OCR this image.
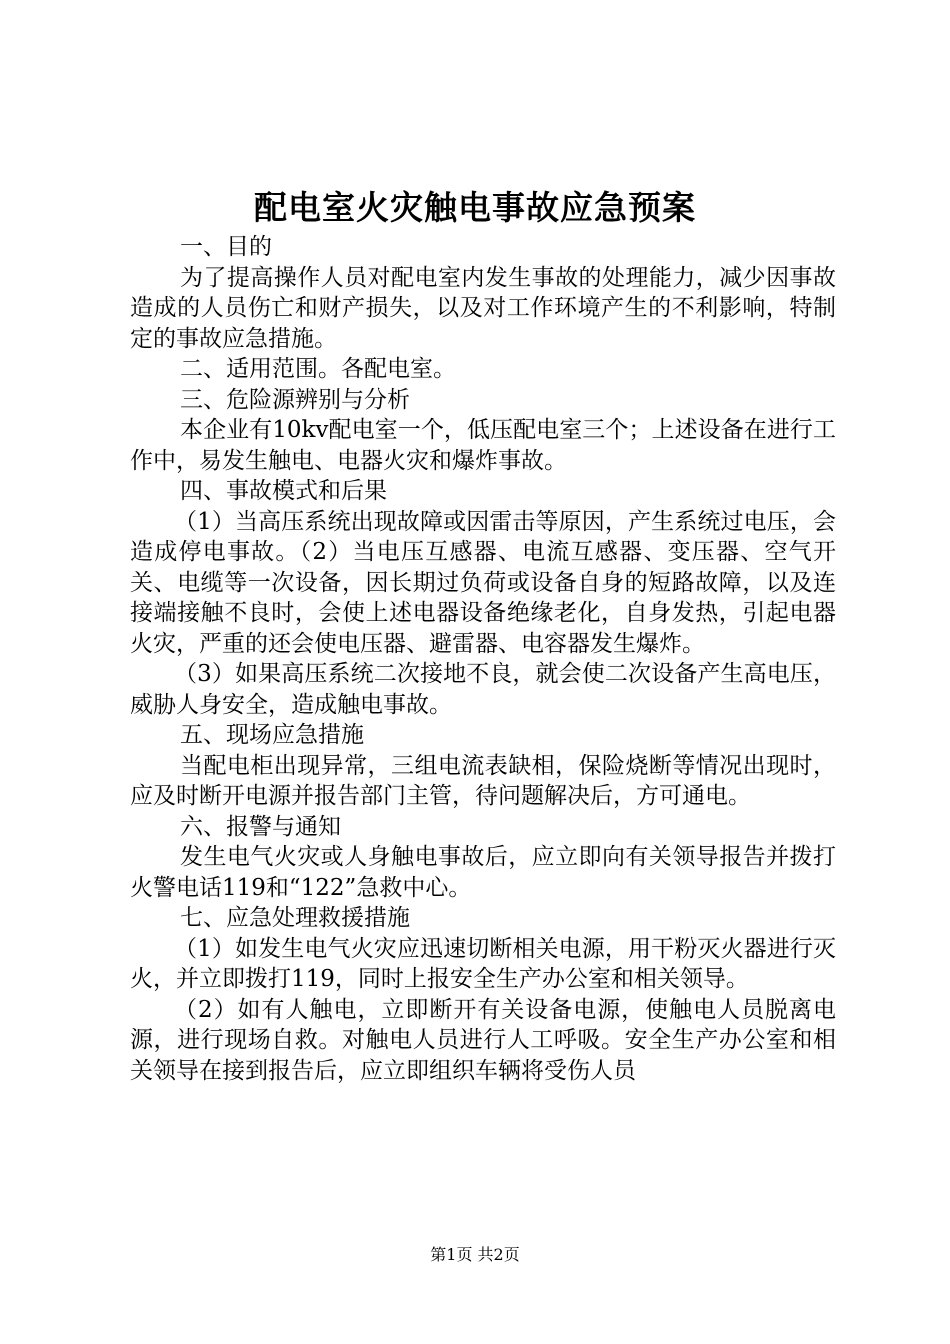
配电室火灾触电事故应急预案

一、目的

为了提高操作人员对配电室内发生事故的处理能力，减少因事故造成的人员伤亡和财产损失，以及对工作环境产生的不利影响，特制定的事故应急措施。

二、适用范围。各配电室。

三、危险源辨别与分析

本企业有10kv配电室一个，低压配电室三个；上述设备在进行工作中，易发生触电、电器火灾和爆炸事故。

四、事故模式和后果

（1）当高压系统出现故障或因雷击等原因，产生系统过电压，会造成停电事故。（2）当电压互感器、电流互感器、变压器、空气开关、电缆等一次设备，因长期过负荷或设备自身的短路故障，以及连接端接触不良时，会使上述电器设备绝缘老化，自身发热，引起电器火灾，严重的还会使电压器、避雷器、电容器发生爆炸。

（3）如果高压系统二次接地不良，就会使二次设备产生高电压，威胁人身安全，造成触电事故。

五、现场应急措施

当配电柜出现异常，三组电流表缺相，保险烧断等情况出现时，应及时断开电源并报告部门主管，待问题解决后，方可通电。

六、报警与通知

发生电气火灾或人身触电事故后，应立即向有关领导报告并拨打火警电话119和“122”急救中心。

七、应急处理救援措施

（1）如发生电气火灾应迅速切断相关电源，用干粉灭火器进行灭火，并立即拨打119，同时上报安全生产办公室和相关领导。

（2）如有人触电，立即断开有关设备电源，使触电人员脱离电源，进行现场自救。对触电人员进行人工呼吸。安全生产办公室和相关领导在接到报告后，应立即组织车辆将受伤人员

第1页 共2页
